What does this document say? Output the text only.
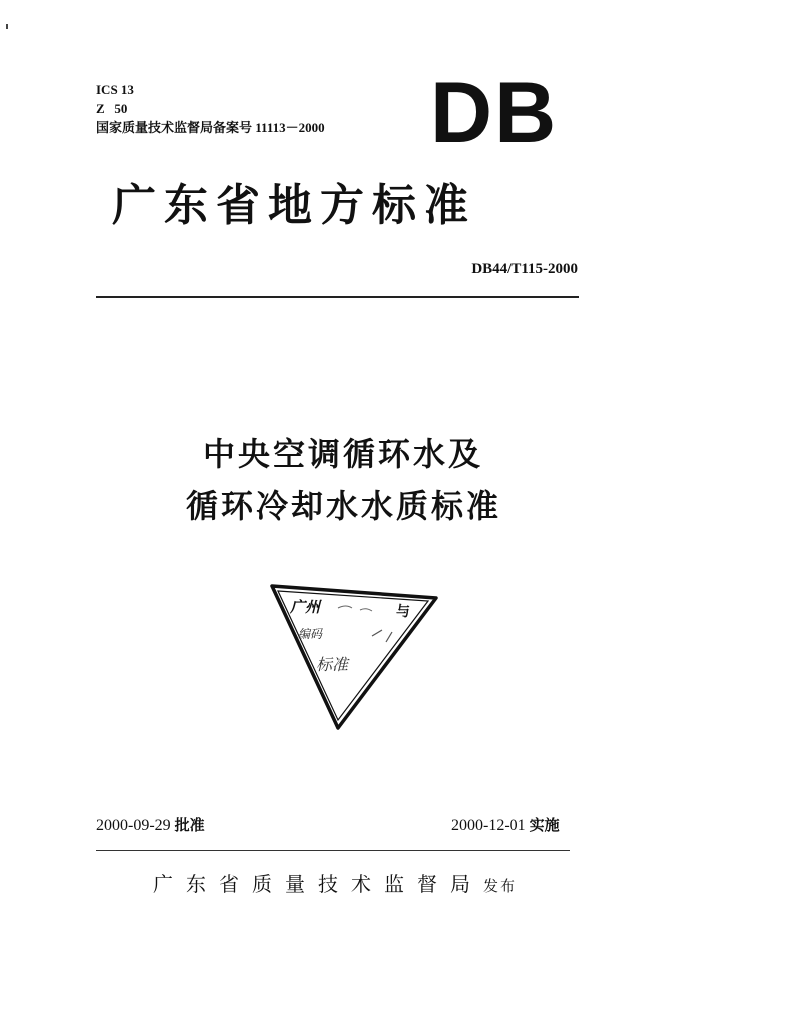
ICS 13
Z   50
国家质量技术监督局备案号 11113－2000 DB
广东省地方标准
DB44/T115-2000
中央空调循环水及
循环冷却水水质标准
广州	与
编码
标准
2000-09-29 批准	2000-12-01 实施
广东省质量技术监督局发布
